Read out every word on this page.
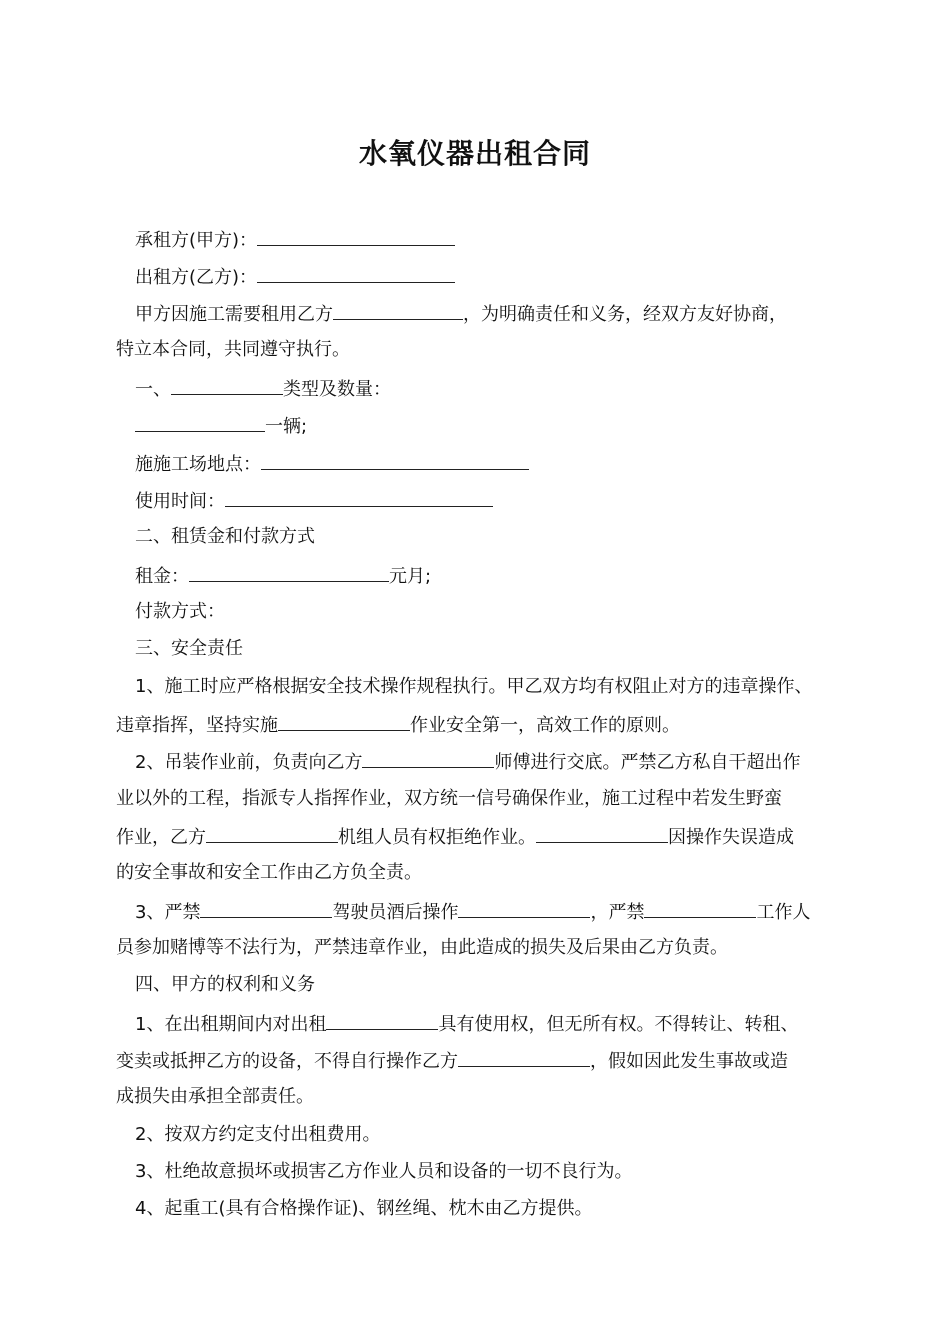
水氧仪器出租合同
承租方(甲方)：
出租方(乙方)：
甲方因施工需要租用乙方	，为明确责任和义务，经双方友好协商，
特立本合同，共同遵守执行。
一、	类型及数量：
一辆;
施施工场地点：
使用时间：
二、租赁金和付款方式
租金：	元月;
付款方式：
三、安全责任
1、施工时应严格根据安全技术操作规程执行。甲乙双方均有权阻止对方的违章操作、
违章指挥，坚持实施	作业安全第一，高效工作的原则。
2、吊装作业前，负责向乙方	师傅进行交底。严禁乙方私自干超出作
业以外的工程，指派专人指挥作业，双方统一信号确保作业，施工过程中若发生野蛮
作业，乙方	机组人员有权拒绝作业。	因操作失误造成
的安全事故和安全工作由乙方负全责。
3、严禁	驾驶员酒后操作	，严禁	工作人
员参加赌博等不法行为，严禁违章作业，由此造成的损失及后果由乙方负责。
四、甲方的权利和义务
1、在出租期间内对出租	具有使用权，但无所有权。不得转让、转租、
变卖或抵押乙方的设备，不得自行操作乙方	，假如因此发生事故或造
成损失由承担全部责任。
2、按双方约定支付出租费用。
3、杜绝故意损坏或损害乙方作业人员和设备的一切不良行为。
4、起重工(具有合格操作证)、钢丝绳、枕木由乙方提供。
